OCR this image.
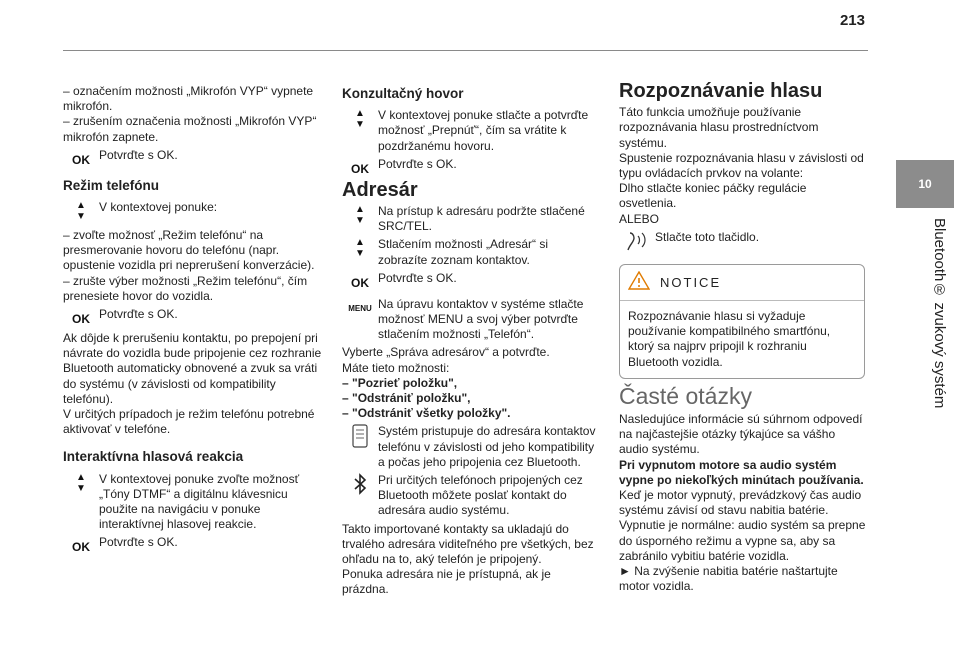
213
10
Bluetooth® zvukový systém

– označením možnosti „Mikrofón VYP“ vypnete mikrofón.

– zrušením označenia možnosti „Mikrofón VYP“ mikrofón zapnete.

OK Potvrďte s OK.
Režim telefónu
▲
▼
V kontextovej ponuke:

– zvoľte možnosť „Režim telefónu“ na presmerovanie hovoru do telefónu (napr. opustenie vozidla pri neprerušení konverzácie).

– zrušte výber možnosti „Režim telefónu“, čím prenesiete hovor do vozidla.

OK Potvrďte s OK.

Ak dôjde k prerušeniu kontaktu, po prepojení pri návrate do vozidla bude pripojenie cez rozhranie Bluetooth automaticky obnovené a zvuk sa vráti do systému (v závislosti od kompatibility telefónu).

V určitých prípadoch je režim telefónu potrebné aktivovať v telefóne.

Interaktívna hlasová reakcia
▲
▼
V kontextovej ponuke zvoľte možnosť „Tóny DTMF“ a digitálnu klávesnicu použite na navigáciu v ponuke interaktívnej hlasovej reakcie.
OK Potvrďte s OK.
Konzultačný hovor
▲
▼
V kontextovej ponuke stlačte a potvrďte možnosť „Prepnúť“, čím sa vrátite k pozdržanému hovoru.
OK Potvrďte s OK.
Adresár
▲
▼
Na prístup k adresáru podržte stlačené SRC/TEL.
▲
▼
Stlačením možnosti „Adresár“ si zobrazíte zoznam kontaktov.
OK Potvrďte s OK.
MENU Na úpravu kontaktov v systéme stlačte možnosť MENU a svoj výber potvrďte stlačením možnosti „Telefón“.

Vyberte „Správa adresárov“ a potvrďte.

Máte tieto možnosti:

– "Pozrieť položku",

– "Odstrániť položku",

– "Odstrániť všetky položky".

Systém pristupuje do adresára kontaktov telefónu v závislosti od jeho kompatibility a počas jeho pripojenia cez Bluetooth.
Pri určitých telefónoch pripojených cez Bluetooth môžete poslať kontakt do adresára audio systému.

Takto importované kontakty sa ukladajú do trvalého adresára viditeľného pre všetkých, bez ohľadu na to, aký telefón je pripojený.

Ponuka adresára nie je prístupná, ak je prázdna.

Rozpoznávanie hlasu

Táto funkcia umožňuje používanie rozpoznávania hlasu prostredníctvom systému.

Spustenie rozpoznávania hlasu v závislosti od typu ovládacích prvkov na volante:

Dlho stlačte koniec páčky regulácie osvetlenia.

ALEBO

Stlačte toto tlačidlo.
NOTICE
Rozpoznávanie hlasu si vyžaduje používanie kompatibilného smartfónu, ktorý sa najprv pripojil k rozhraniu Bluetooth vozidla.
Časté otázky

Nasledujúce informácie sú súhrnom odpovedí na najčastejšie otázky týkajúce sa vášho audio systému.

Pri vypnutom motore sa audio systém vypne po niekoľkých minútach používania.

Keď je motor vypnutý, prevádzkový čas audio systému závisí od stavu nabitia batérie.

Vypnutie je normálne: audio systém sa prepne do úsporného režimu a vypne sa, aby sa zabránilo vybitiu batérie vozidla.

► Na zvýšenie nabitia batérie naštartujte motor vozidla.
